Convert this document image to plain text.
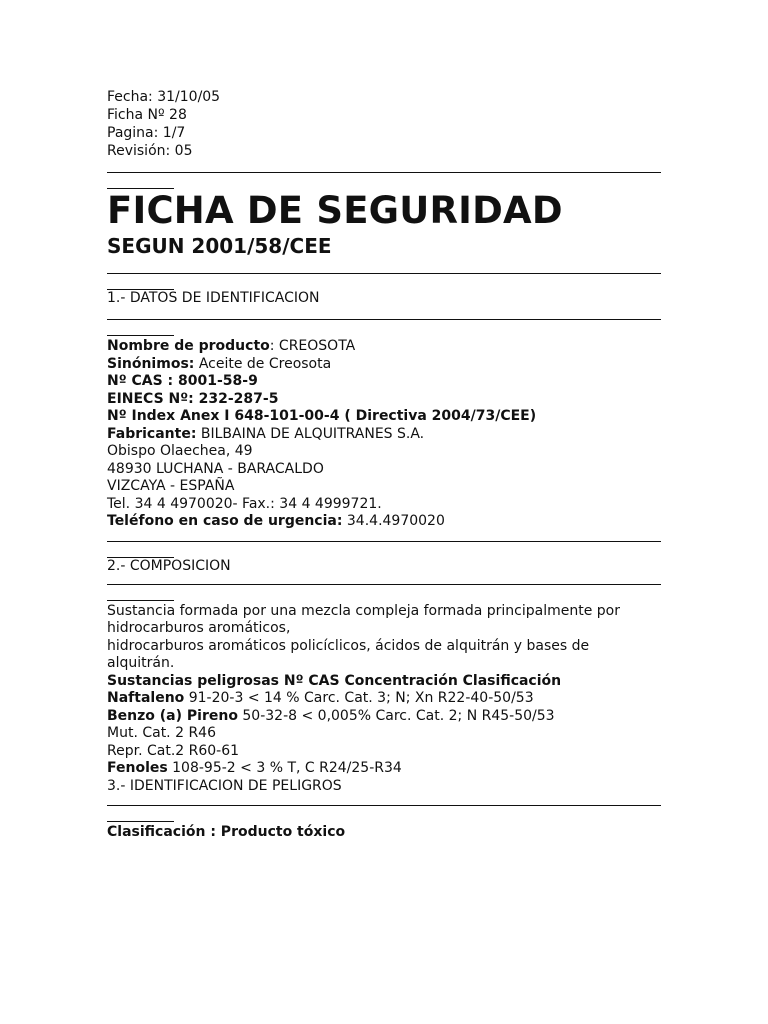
Fecha: 31/10/05
Ficha Nº 28
Pagina: 1/7
Revisión: 05
FICHA DE SEGURIDAD
SEGUN 2001/58/CEE
1.- DATOS DE IDENTIFICACION
Nombre de producto: CREOSOTA
Sinónimos: Aceite de Creosota
Nº CAS : 8001-58-9
EINECS Nº: 232-287-5
Nº Index Anex I 648-101-00-4 ( Directiva 2004/73/CEE)
Fabricante: BILBAINA DE ALQUITRANES S.A.
Obispo Olaechea, 49
48930 LUCHANA - BARACALDO
VIZCAYA - ESPAÑA
Tel. 34 4 4970020- Fax.: 34 4 4999721.
Teléfono en caso de urgencia: 34.4.4970020
2.- COMPOSICION
Sustancia formada por una mezcla compleja formada principalmente por
hidrocarburos aromáticos,
hidrocarburos aromáticos policíclicos, ácidos de alquitrán y bases de
alquitrán.
Sustancias peligrosas Nº CAS Concentración Clasificación
Naftaleno 91-20-3 < 14 % Carc. Cat. 3; N; Xn R22-40-50/53
Benzo (a) Pireno 50-32-8 < 0,005% Carc. Cat. 2; N R45-50/53
Mut. Cat. 2 R46
Repr. Cat.2 R60-61
Fenoles 108-95-2 < 3 % T, C R24/25-R34
3.- IDENTIFICACION DE PELIGROS
Clasificación : Producto tóxico
